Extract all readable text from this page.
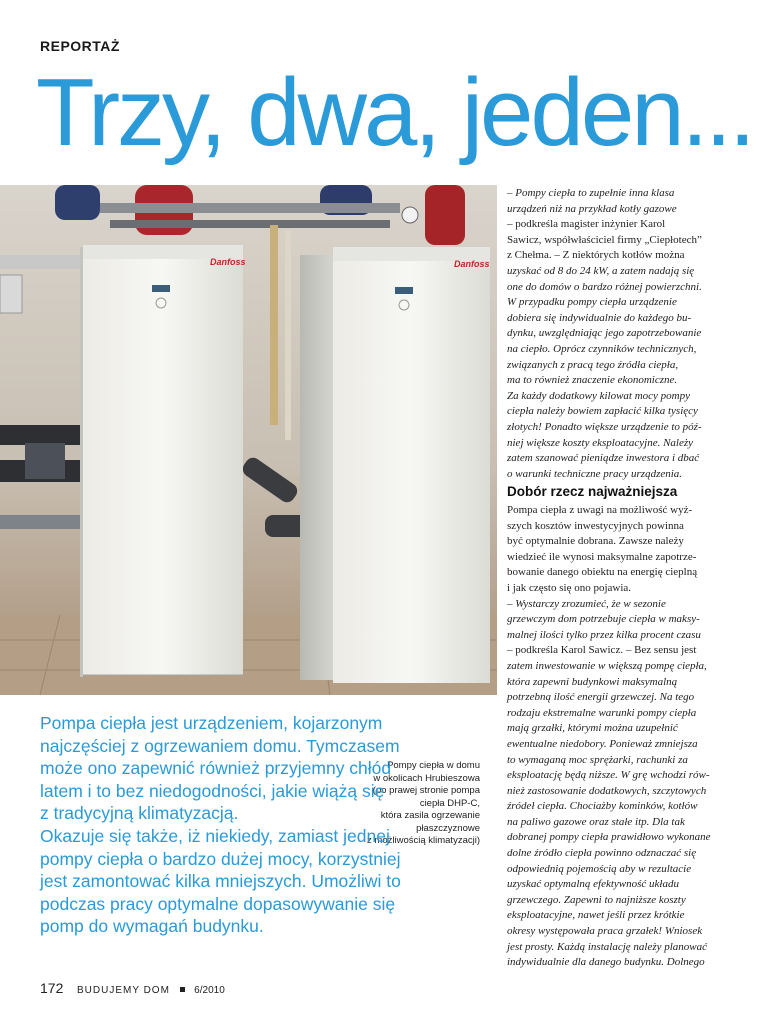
REPORTAŻ
Trzy, dwa, jeden...
Danfoss	Danfoss
Pompy ciepła w domu
w okolicach Hrubieszowa
(po prawej stronie pompa
ciepła DHP-C,
która zasila ogrzewanie
płaszczyznowe
z możliwością klimatyzacji)
Pompa ciepła jest urządzeniem, kojarzonym
najczęściej z ogrzewaniem domu. Tymczasem
może ono zapewnić również przyjemny chłód
latem i to bez niedogodności, jakie wiążą się
z tradycyjną klimatyzacją.
Okazuje się także, iż niekiedy, zamiast jednej
pompy ciepła o bardzo dużej mocy, korzystniej
jest zamontować kilka mniejszych. Umożliwi to
podczas pracy optymalne dopasowywanie się
pomp do wymagań budynku.
– Pompy ciepła to zupełnie inna klasa
urządzeń niż na przykład kotły gazowe
– podkreśla magister inżynier Karol
Sawicz, współwłaściciel firmy „Ciepłotech”
z Chełma. – Z niektórych kotłów można
uzyskać od 8 do 24 kW, a zatem nadają się
one do domów o bardzo różnej powierzchni.
W przypadku pompy ciepła urządzenie
dobiera się indywidualnie do każdego bu-
dynku, uwzględniając jego zapotrzebowanie
na ciepło. Oprócz czynników technicznych,
związanych z pracą tego źródła ciepła,
ma to również znaczenie ekonomiczne.
Za każdy dodatkowy kilowat mocy pompy
ciepła należy bowiem zapłacić kilka tysięcy
złotych! Ponadto większe urządzenie to póź-
niej większe koszty eksploatacyjne. Należy
zatem szanować pieniądze inwestora i dbać
o warunki techniczne pracy urządzenia.
Dobór rzecz najważniejsza
Pompa ciepła z uwagi na możliwość wyż-
szych kosztów inwestycyjnych powinna
być optymalnie dobrana. Zawsze należy
wiedzieć ile wynosi maksymalne zapotrze-
bowanie danego obiektu na energię cieplną
i jak często się ono pojawia.
– Wystarczy zrozumieć, że w sezonie
grzewczym dom potrzebuje ciepła w maksy-
malnej ilości tylko przez kilka procent czasu
– podkreśla Karol Sawicz. – Bez sensu jest
zatem inwestowanie w większą pompę ciepła,
która zapewni budynkowi maksymalną
potrzebną ilość energii grzewczej. Na tego
rodzaju ekstremalne warunki pompy ciepła
mają grzałki, którymi można uzupełnić
ewentualne niedobory. Ponieważ zmniejsza
to wymaganą moc sprężarki, rachunki za
eksploatację będą niższe. W grę wchodzi rów-
nież zastosowanie dodatkowych, szczytowych
źródeł ciepła. Chociażby kominków, kotłów
na paliwo gazowe oraz stałe itp. Dla tak
dobranej pompy ciepła prawidłowo wykonane
dolne źródło ciepła powinno odznaczać się
odpowiednią pojemością aby w rezultacie
uzyskać optymalną efektywność układu
grzewczego. Zapewni to najniższe koszty
eksploatacyjne, nawet jeśli przez krótkie
okresy występowała praca grzałek! Wniosek
jest prosty. Każdą instalację należy planować
indywidualnie dla danego budynku. Dolnego
172 BUDUJEMY DOM 6/2010
